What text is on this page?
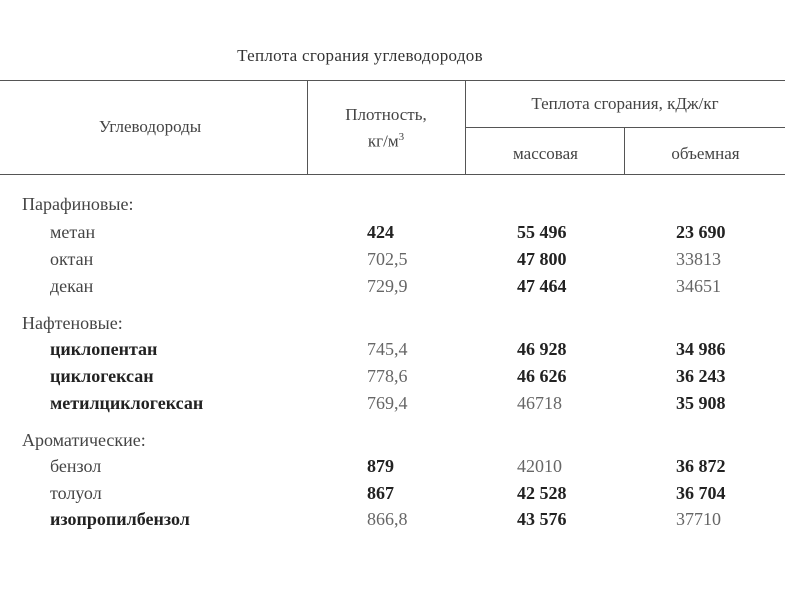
Теплота сгорания углеводородов
Углеводороды
Плотность,
$кг/м^3$
Теплота сгорания, кДж/кг
массовая	объемная
Парафиновые:
метан	424	55 496	23 690
октан	702,5	47 800	33813
декан	729,9	47 464	34651
Нафтеновые:
циклопентан	745,4	46 928	34 986
циклогексан	778,6	46 626	36 243
метилциклогексан	769,4	46718	35 908
Ароматические:
бензол	879	42010	36 872
толуол	867	42 528	36 704
изопропилбензол	866,8	43 576	37710
